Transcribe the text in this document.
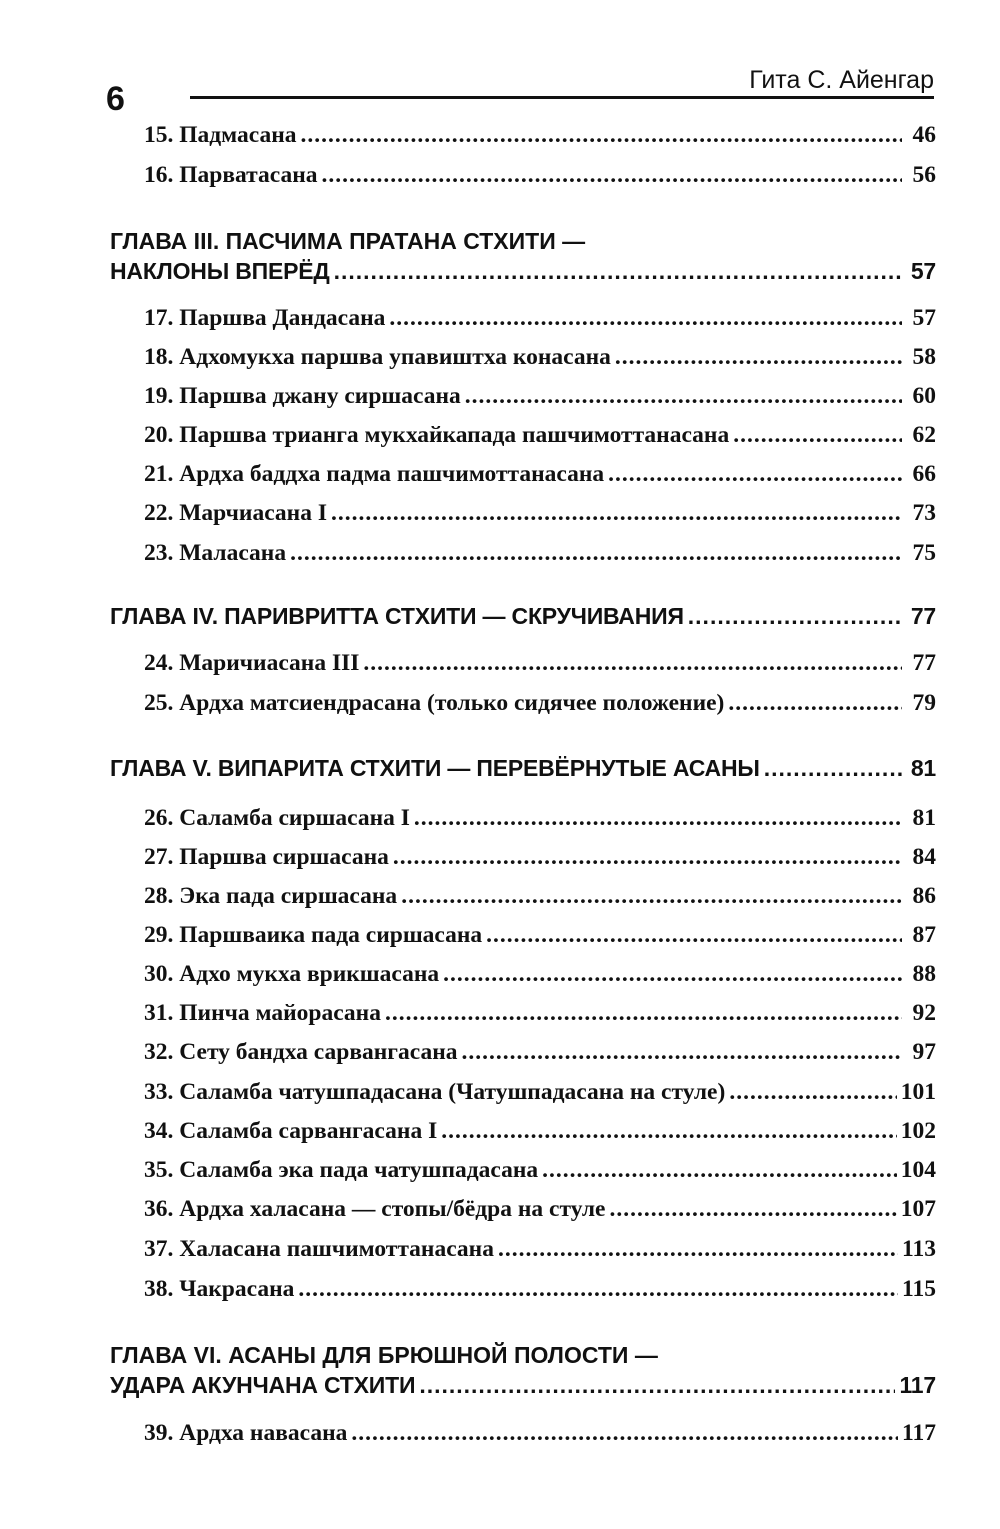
6	Гита С. Айенгар
15. Падмасана .....	46
16. Парватасана .....	56
ГЛАВА III. ПАСЧИМА ПРАТАНА СТХИТИ —
НАКЛОНЫ ВПЕРЁД .....	57
17. Паршва Дандасана .....	57
18. Адхомукха паршва упавиштха конасана .....	58
19. Паршва джану сиршасана .....	60
20. Паршва трианга мукхайкапада пашчимоттанасана .....	62
21. Ардха баддха падма пашчимоттанасана .....	66
22. Марчиасана I .....	73
23. Маласана .....	75
ГЛАВА IV. ПАРИВРИТТА СТХИТИ — СКРУЧИВАНИЯ .....	77
24. Маричиасана III .....	77
25. Ардха матсиендрасана (только сидячее положение) .....	79
ГЛАВА V. ВИПАРИТА СТХИТИ — ПЕРЕВЁРНУТЫЕ АСАНЫ .....	81
26. Саламба сиршасана I .....	81
27. Паршва сиршасана .....	84
28. Эка пада сиршасана .....	86
29. Паршваика пада сиршасана .....	87
30. Адхо мукха врикшасана .....	88
31. Пинча майорасана .....	92
32. Сету бандха сарвангасана .....	97
33. Саламба чатушпадасана (Чатушпадасана на стуле) .....	101
34. Саламба сарвангасана I .....	102
35. Саламба эка пада чатушпадасана .....	104
36. Ардха халасана — стопы/бёдра на стуле .....	107
37. Халасана пашчимоттанасана .....	113
38. Чакрасана .....	115
ГЛАВА VI. АСАНЫ ДЛЯ БРЮШНОЙ ПОЛОСТИ —
УДАРА АКУНЧАНА СТХИТИ .....	117
39. Ардха навасана .....	117
